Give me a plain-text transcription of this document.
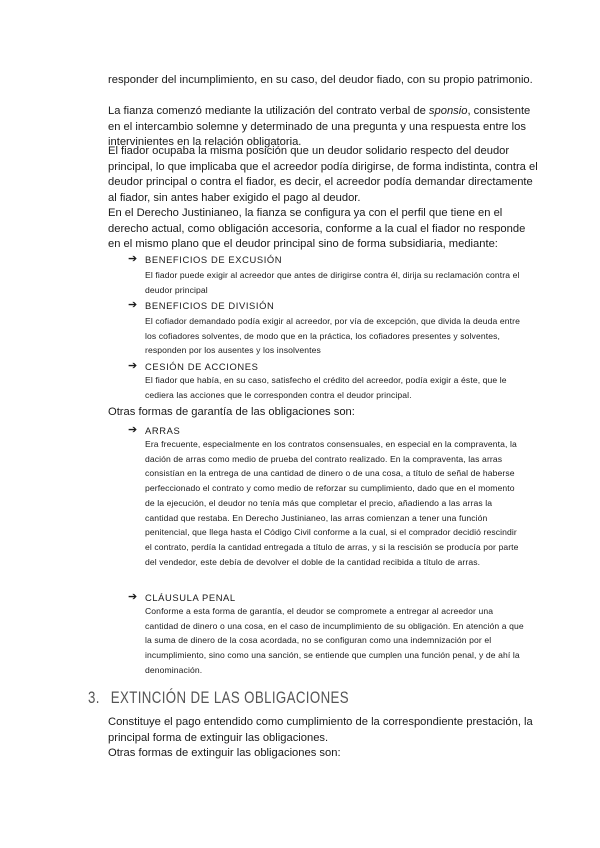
responder del incumplimiento, en su caso, del deudor fiado, con su propio patrimonio.

La fianza comenzó mediante la utilización del contrato verbal de sponsio, consistente en el intercambio solemne y determinado de una pregunta y una respuesta entre los intervinientes en la relación obligatoria.

El fiador ocupaba la misma posición que un deudor solidario respecto del deudor principal, lo que implicaba que el acreedor podía dirigirse, de forma indistinta, contra el deudor principal o contra el fiador, es decir, el acreedor podía demandar directamente al fiador, sin antes haber exigido el pago al deudor.

En el Derecho Justinianeo, la fianza se configura ya con el perfil que tiene en el derecho actual, como obligación accesoria, conforme a la cual el fiador no responde en el mismo plano que el deudor principal sino de forma subsidiaria, mediante:

➔ BENEFICIOS DE EXCUSIÓN

El fiador puede exigir al acreedor que antes de dirigirse contra él, dirija su reclamación contra el deudor principal

➔ BENEFICIOS DE DIVISIÓN

El cofiador demandado podía exigir al acreedor, por vía de excepción, que divida la deuda entre los cofiadores solventes, de modo que en la práctica, los cofiadores presentes y solventes, responden por los ausentes y los insolventes

➔ CESIÓN DE ACCIONES

El fiador que había, en su caso, satisfecho el crédito del acreedor, podía exigir a éste, que le cediera las acciones que le corresponden contra el deudor principal.

Otras formas de garantía de las obligaciones son:

➔ ARRAS

Era frecuente, especialmente en los contratos consensuales, en especial en la compraventa, la dación de arras como medio de prueba del contrato realizado. En la compraventa, las arras consistían en la entrega de una cantidad de dinero o de una cosa, a título de señal de haberse perfeccionado el contrato y como medio de reforzar su cumplimiento, dado que en el momento de la ejecución, el deudor no tenía más que completar el precio, añadiendo a las arras la cantidad que restaba. En Derecho Justinianeo, las arras comienzan a tener una función penitencial, que llega hasta el Código Civil conforme a la cual, si el comprador decidió rescindir el contrato, perdía la cantidad entregada a título de arras, y si la rescisión se producía por parte del vendedor, este debía de devolver el doble de la cantidad recibida a título de arras.

➔ CLÁUSULA PENAL

Conforme a esta forma de garantía, el deudor se compromete a entregar al acreedor una cantidad de dinero o una cosa, en el caso de incumplimiento de su obligación. En atención a que la suma de dinero de la cosa acordada, no se configuran como una indemnización por el incumplimiento, sino como una sanción, se entiende que cumplen una función penal, y de ahí la denominación.

3. EXTINCIÓN DE LAS OBLIGACIONES

Constituye el pago entendido como cumplimiento de la correspondiente prestación, la principal forma de extinguir las obligaciones.

Otras formas de extinguir las obligaciones son:
